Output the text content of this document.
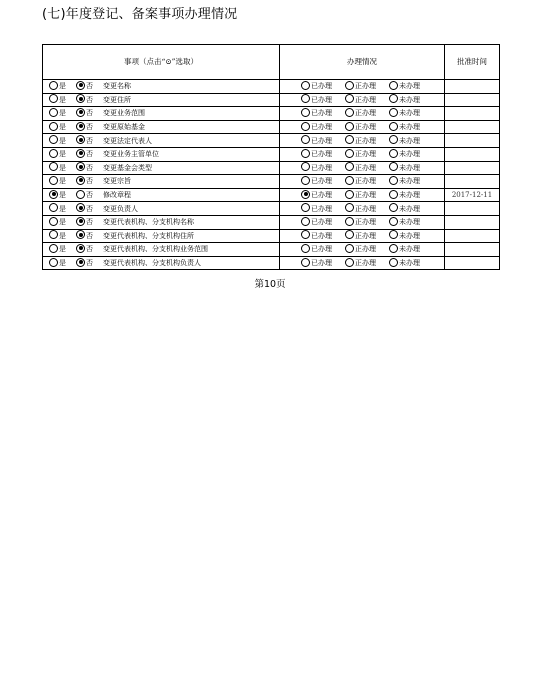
(七)年度登记、备案事项办理情况
事项（点击“⊙”选取）	办理情况	批准时间
是 否 变更名称	已办理 正办理 未办理	
是 否 变更住所	已办理 正办理 未办理	
是 否 变更业务范围	已办理 正办理 未办理	
是 否 变更原始基金	已办理 正办理 未办理	
是 否 变更法定代表人	已办理 正办理 未办理	
是 否 变更业务主管单位	已办理 正办理 未办理	
是 否 变更基金会类型	已办理 正办理 未办理	
是 否 变更宗旨	已办理 正办理 未办理	
是 否 修改章程	已办理 正办理 未办理	2017-12-11
是 否 变更负责人	已办理 正办理 未办理	
是 否 变更代表机构、分支机构名称	已办理 正办理 未办理	
是 否 变更代表机构、分支机构住所	已办理 正办理 未办理	
是 否 变更代表机构、分支机构业务范围	已办理 正办理 未办理	
是 否 变更代表机构、分支机构负责人	已办理 正办理 未办理	
第10页
